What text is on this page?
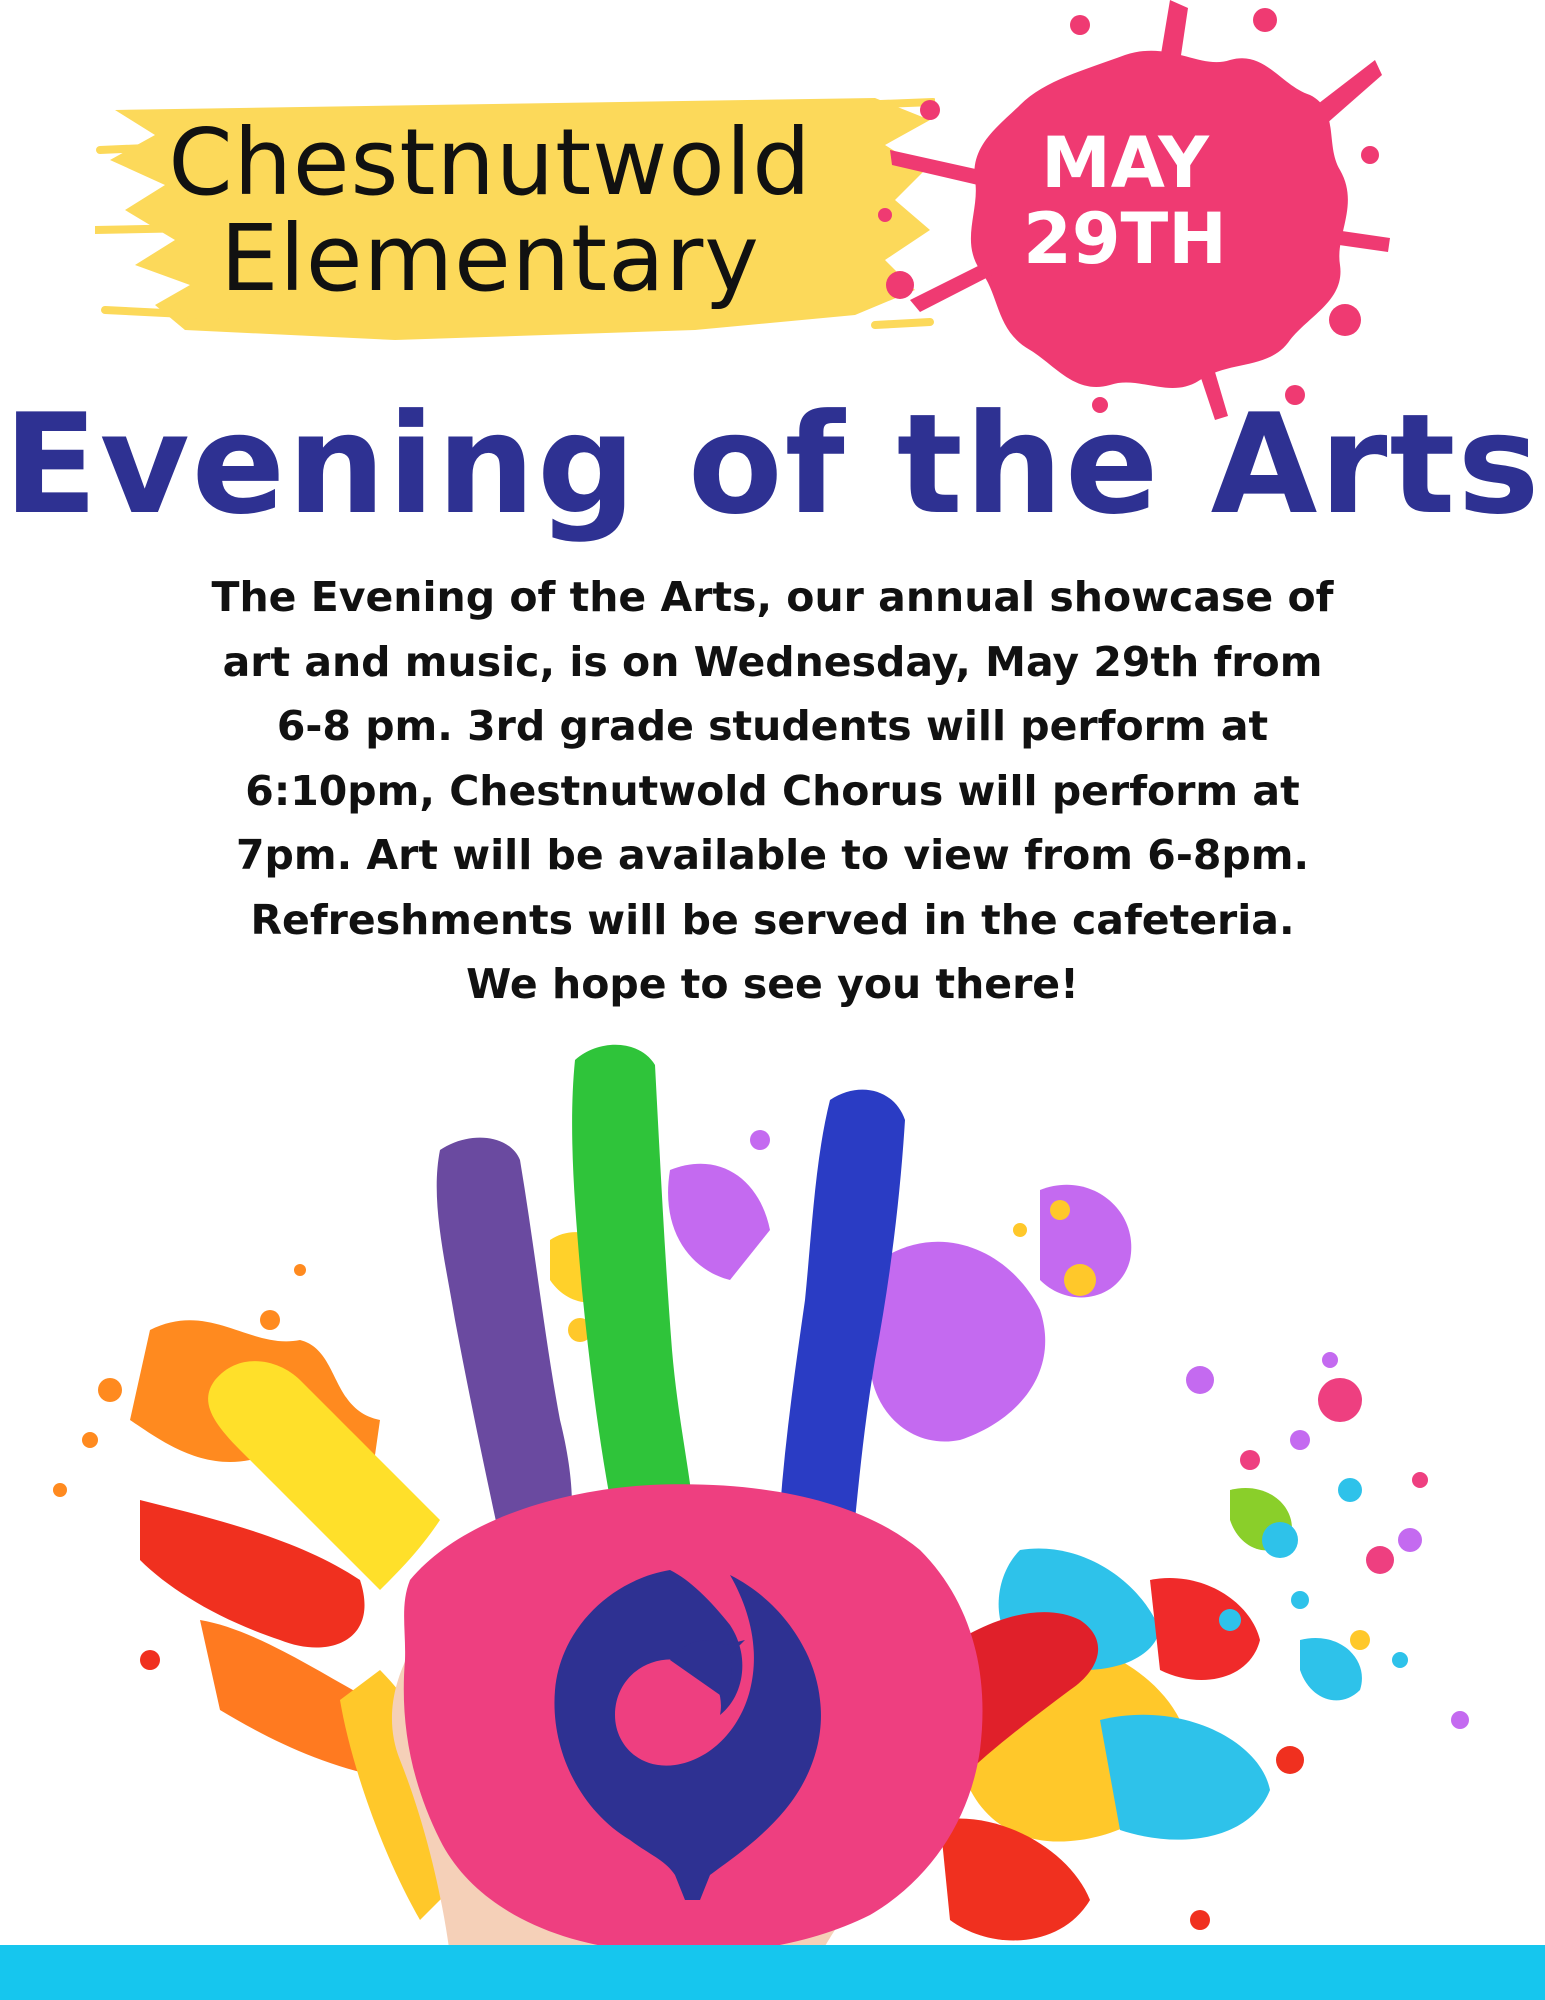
Chestnutwold
Elementary
MAY
29TH
Evening of the Arts
The Evening of the Arts, our annual showcase of
art and music, is on Wednesday, May 29th from
6-8 pm. 3rd grade students will perform at
6:10pm, Chestnutwold Chorus will perform at
7pm. Art will be available to view from 6-8pm.
Refreshments will be served in the cafeteria.
We hope to see you there!
